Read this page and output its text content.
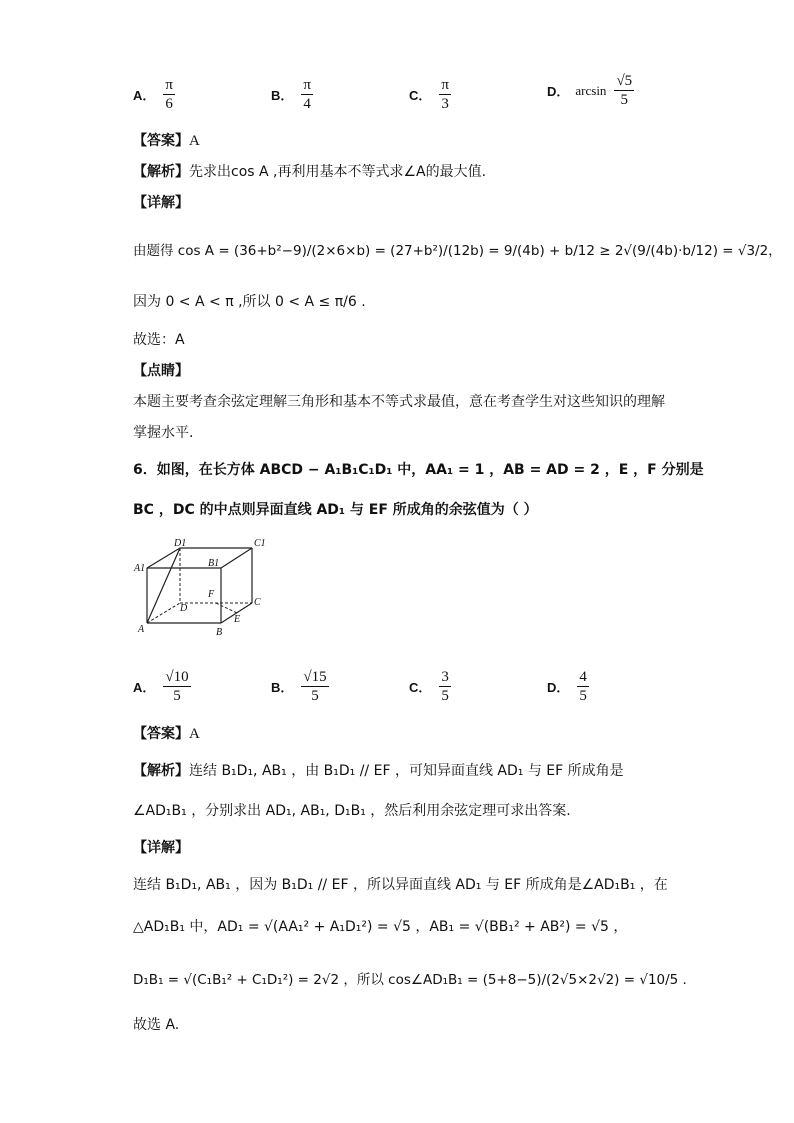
A． $\frac{\pi}{6}$	B． $\frac{\pi}{4}$	C． $\frac{\pi}{3}$	D． $\arcsin \frac{√5}{5}$
【答案】A
【解析】先求出cos A ,再利用基本不等式求∠A的最大值.
【详解】
由题得 cos A = (36+b²−9)/(2×6×b) = (27+b²)/(12b) = 9/(4b) + b/12 ≥ 2√(9/(4b)·b/12) = √3/2，
因为 0 < A < π ,所以 0 < A ≤ π/6 .
故选：A
【点睛】
本题主要考查余弦定理解三角形和基本不等式求最值，意在考查学生对这些知识的理解
掌握水平.
6．如图，在长方体 ABCD − A₁B₁C₁D₁ 中，AA₁ = 1 ，AB = AD = 2 ，E ，F 分别是
BC ，DC 的中点则异面直线 AD₁ 与 EF 所成角的余弦值为（ ）
D1	C1
A1	B1
F
D
C
E
A	B
A． $\frac{√10}{5}$	B． $\frac{√15}{5}$	C． $\frac{3}{5}$	D． $\frac{4}{5}$
【答案】A
【解析】连结 B₁D₁, AB₁ ，由 B₁D₁ // EF ，可知异面直线 AD₁ 与 EF 所成角是
∠AD₁B₁ ，分别求出 AD₁, AB₁, D₁B₁ ，然后利用余弦定理可求出答案.
【详解】
连结 B₁D₁, AB₁ ，因为 B₁D₁ // EF ，所以异面直线 AD₁ 与 EF 所成角是∠AD₁B₁ ，在
△AD₁B₁ 中，AD₁ = √(AA₁² + A₁D₁²) = √5 ，AB₁ = √(BB₁² + AB²) = √5 ，
D₁B₁ = √(C₁B₁² + C₁D₁²) = 2√2 ，所以 cos∠AD₁B₁ = (5+8−5)/(2√5×2√2) = √10/5 .
故选 A.
